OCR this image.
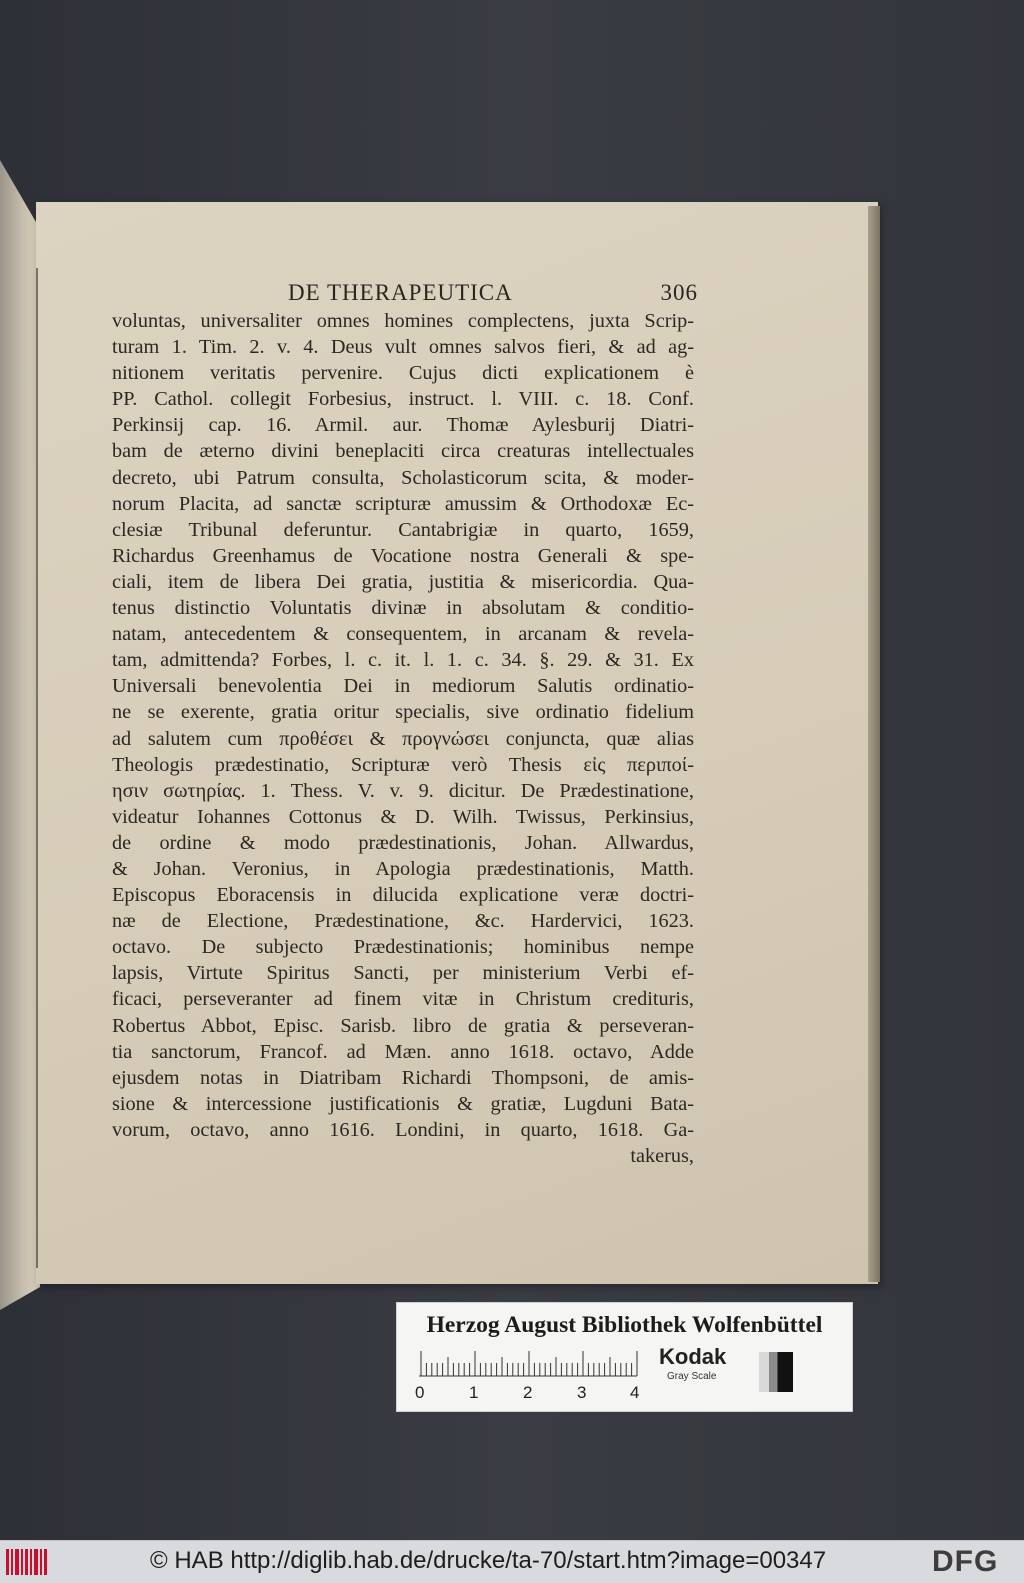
DE THERAPEUTICA	306
voluntas, universaliter omnes homines complectens, juxta Scrip-
turam 1. Tim. 2. v. 4. Deus vult omnes salvos fieri, & ad ag-
nitionem veritatis pervenire. Cujus dicti explicationem è
PP. Cathol. collegit Forbesius, instruct. l. VIII. c. 18. Conf.
Perkinsij cap. 16. Armil. aur. Thomæ Aylesburij Diatri-
bam de æterno divini beneplaciti circa creaturas intellectuales
decreto, ubi Patrum consulta, Scholasticorum scita, & moder-
norum Placita, ad sanctæ scripturæ amussim & Orthodoxæ Ec-
clesiæ Tribunal deferuntur. Cantabrigiæ in quarto, 1659,
Richardus Greenhamus de Vocatione nostra Generali & spe-
ciali, item de libera Dei gratia, justitia & misericordia. Qua-
tenus distinctio Voluntatis divinæ in absolutam & conditio-
natam, antecedentem & consequentem, in arcanam & revela-
tam, admittenda? Forbes, l. c. it. l. 1. c. 34. §. 29. & 31. Ex
Universali benevolentia Dei in mediorum Salutis ordinatio-
ne se exerente, gratia oritur specialis, sive ordinatio fidelium
ad salutem cum προθέσει & προγνώσει conjuncta, quæ alias
Theologis prædestinatio, Scripturæ verò Thesis εἰς περιποί-
ησιν σωτηρίας. 1. Thess. V. v. 9. dicitur. De Prædestinatione,
videatur Iohannes Cottonus & D. Wilh. Twissus, Perkinsius,
de ordine & modo prædestinationis, Johan. Allwardus,
& Johan. Veronius, in Apologia prædestinationis, Matth.
Episcopus Eboracensis in dilucida explicatione veræ doctri-
næ de Electione, Prædestinatione, &c. Hardervici, 1623.
octavo. De subjecto Prædestinationis; hominibus nempe
lapsis, Virtute Spiritus Sancti, per ministerium Verbi ef-
ficaci, perseveranter ad finem vitæ in Christum credituris,
Robertus Abbot, Episc. Sarisb. libro de gratia & perseveran-
tia sanctorum, Francof. ad Mæn. anno 1618. octavo, Adde
ejusdem notas in Diatribam Richardi Thompsoni, de amis-
sione & intercessione justificationis & gratiæ, Lugduni Bata-
vorum, octavo, anno 1616. Londini, in quarto, 1618. Ga-
takerus,
Herzog August Bibliothek Wolfenbüttel
0	1	2	3	4
Kodak
Gray Scale
© HAB http://diglib.hab.de/drucke/ta-70/start.htm?image=00347	DFG
